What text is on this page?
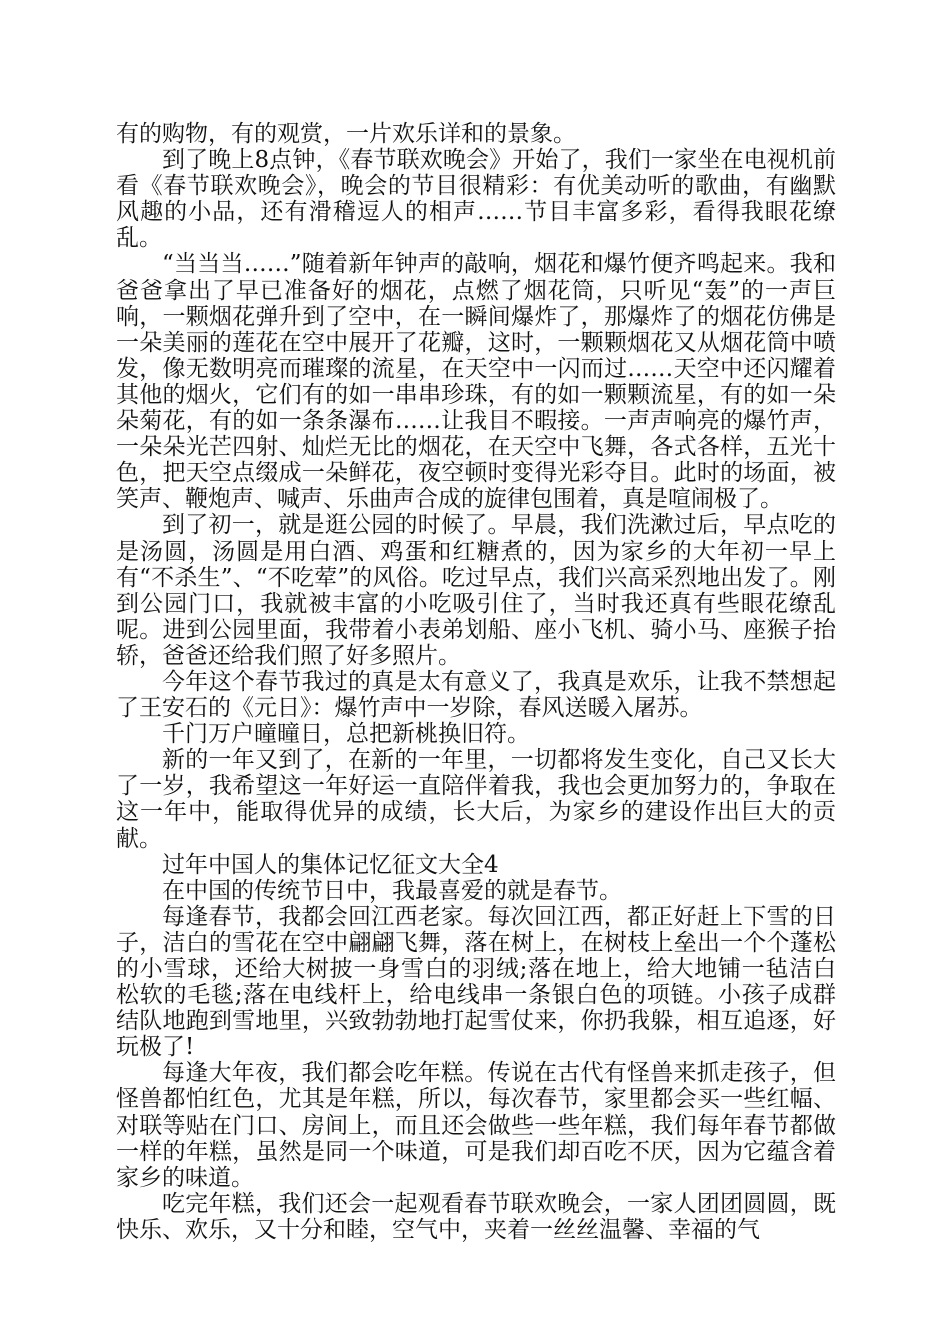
有的购物，有的观赏，一片欢乐详和的景象。

到了晚上8点钟，《春节联欢晚会》开始了，我们一家坐在电视机前看《春节联欢晚会》，晚会的节目很精彩：有优美动听的歌曲，有幽默风趣的小品，还有滑稽逗人的相声……节目丰富多彩，看得我眼花缭乱。

“当当当……”随着新年钟声的敲响，烟花和爆竹便齐鸣起来。我和爸爸拿出了早已准备好的烟花，点燃了烟花筒，只听见“轰”的一声巨响，一颗烟花弹升到了空中，在一瞬间爆炸了，那爆炸了的烟花仿佛是一朵美丽的莲花在空中展开了花瓣，这时，一颗颗烟花又从烟花筒中喷发，像无数明亮而璀璨的流星，在天空中一闪而过……天空中还闪耀着其他的烟火，它们有的如一串串珍珠，有的如一颗颗流星，有的如一朵朵菊花，有的如一条条瀑布……让我目不暇接。一声声响亮的爆竹声，一朵朵光芒四射、灿烂无比的烟花，在天空中飞舞，各式各样，五光十色，把天空点缀成一朵鲜花，夜空顿时变得光彩夺目。此时的场面，被笑声、鞭炮声、喊声、乐曲声合成的旋律包围着，真是喧闹极了。

到了初一，就是逛公园的时候了。早晨，我们洗漱过后，早点吃的是汤圆，汤圆是用白酒、鸡蛋和红糖煮的，因为家乡的大年初一早上有“不杀生”、“不吃荤”的风俗。吃过早点，我们兴高采烈地出发了。刚到公园门口，我就被丰富的小吃吸引住了，当时我还真有些眼花缭乱呢。进到公园里面，我带着小表弟划船、座小飞机、骑小马、座猴子抬轿，爸爸还给我们照了好多照片。

今年这个春节我过的真是太有意义了，我真是欢乐，让我不禁想起了王安石的《元日》：爆竹声中一岁除，春风送暖入屠苏。

千门万户曈曈日，总把新桃换旧符。

新的一年又到了，在新的一年里，一切都将发生变化，自己又长大了一岁，我希望这一年好运一直陪伴着我，我也会更加努力的，争取在这一年中，能取得优异的成绩，长大后，为家乡的建设作出巨大的贡献。

过年中国人的集体记忆征文大全4

在中国的传统节日中，我最喜爱的就是春节。

每逢春节，我都会回江西老家。每次回江西，都正好赶上下雪的日子，洁白的雪花在空中翩翩飞舞，落在树上，在树枝上垒出一个个蓬松的小雪球，还给大树披一身雪白的羽绒;落在地上，给大地铺一毡洁白松软的毛毯;落在电线杆上，给电线串一条银白色的项链。小孩子成群结队地跑到雪地里，兴致勃勃地打起雪仗来，你扔我躲，相互追逐，好玩极了!

每逢大年夜，我们都会吃年糕。传说在古代有怪兽来抓走孩子，但怪兽都怕红色，尤其是年糕，所以，每次春节，家里都会买一些红幅、对联等贴在门口、房间上，而且还会做些一些年糕，我们每年春节都做一样的年糕，虽然是同一个味道，可是我们却百吃不厌，因为它蕴含着家乡的味道。

吃完年糕，我们还会一起观看春节联欢晚会，一家人团团圆圆，既快乐、欢乐，又十分和睦，空气中，夹着一丝丝温馨、幸福的气
